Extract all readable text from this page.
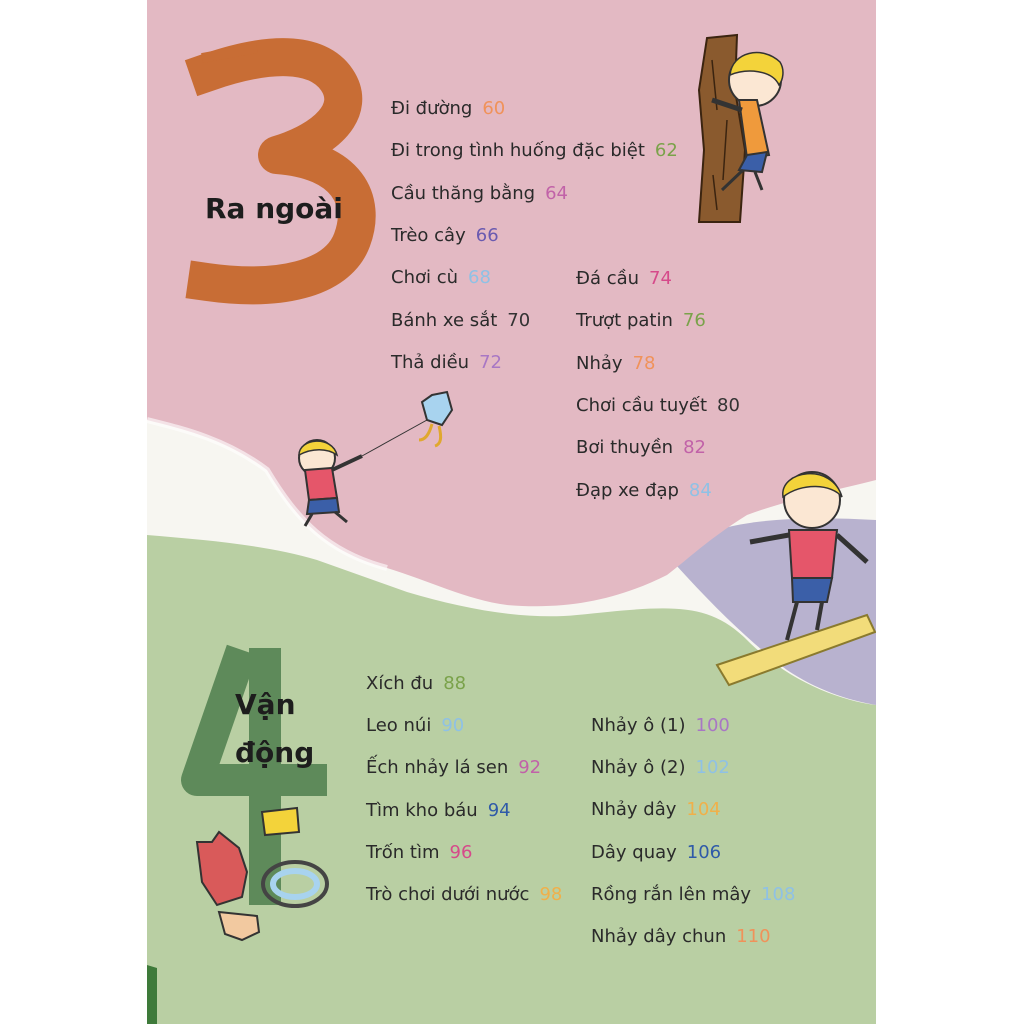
Ra ngoài
Vận
động
Đi đường 60
Đi trong tình huống đặc biệt 62
Cầu thăng bằng 64
Trèo cây 66
Chơi cù 68
Bánh xe sắt 70
Thả diều 72
Đá cầu 74
Trượt patin 76
Nhảy 78
Chơi cầu tuyết 80
Bơi thuyền 82
Đạp xe đạp 84
Xích đu 88
Leo núi 90
Ếch nhảy lá sen 92
Tìm kho báu 94
Trốn tìm 96
Trò chơi dưới nước 98
Nhảy ô (1) 100
Nhảy ô (2) 102
Nhảy dây 104
Dây quay 106
Rồng rắn lên mây 108
Nhảy dây chun 110
